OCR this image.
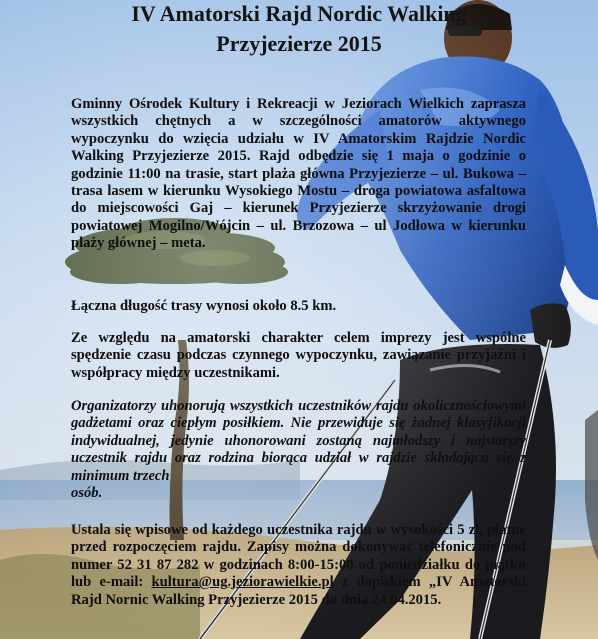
IV Amatorski Rajd Nordic Walking
Przyjezierze 2015
Gminny Ośrodek Kultury i Rekreacji w Jeziorach Wielkich zaprasza wszystkich chętnych a w szczególności amatorów aktywnego wypoczynku do wzięcia udziału w IV Amatorskim Rajdzie Nordic Walking Przyjezierze 2015. Rajd odbędzie się 1 maja o godzinie o godzinie 11:00 na trasie, start plaża główna Przyjezierze – ul. Bukowa – trasa lasem w kierunku Wysokiego Mostu – droga powiatowa asfaltowa do miejscowości Gaj – kierunek Przyjezierze skrzyżowanie drogi powiatowej Mogilno/Wójcin – ul. Brzozowa – ul Jodłowa w kierunku plaży głównej – meta.
Łączna długość trasy wynosi około 8.5 km.
Ze względu na amatorski charakter celem imprezy jest wspólne spędzenie czasu podczas czynnego wypoczynku, zawiązanie przyjaźni i współpracy między uczestnikami.
Organizatorzy uhonorują wszystkich uczestników rajdu okolicznościowymi gadżetami oraz ciepłym posiłkiem. Nie przewiduje się żadnej klasyfikacji indywidualnej, jedynie uhonorowani zostaną najmłodszy i najstarszy uczestnik rajdu oraz rodzina biorąca udział w rajdzie składająca się z minimum trzech
osób.
Ustala się wpisowe od każdego uczestnika rajdu w wysokości 5 zł, płatne przed rozpoczęciem rajdu. Zapisy można dokonywać telefonicznie pod numer 52 31 87 282 w godzinach 8:00-15:00 od poniedziałku do piątku lub e-mail: kultura@ug.jeziorawielkie.pl z dopiskiem „IV Amatorski Rajd Nornic Walking Przyjezierze 2015 do dnia 24.04.2015.
